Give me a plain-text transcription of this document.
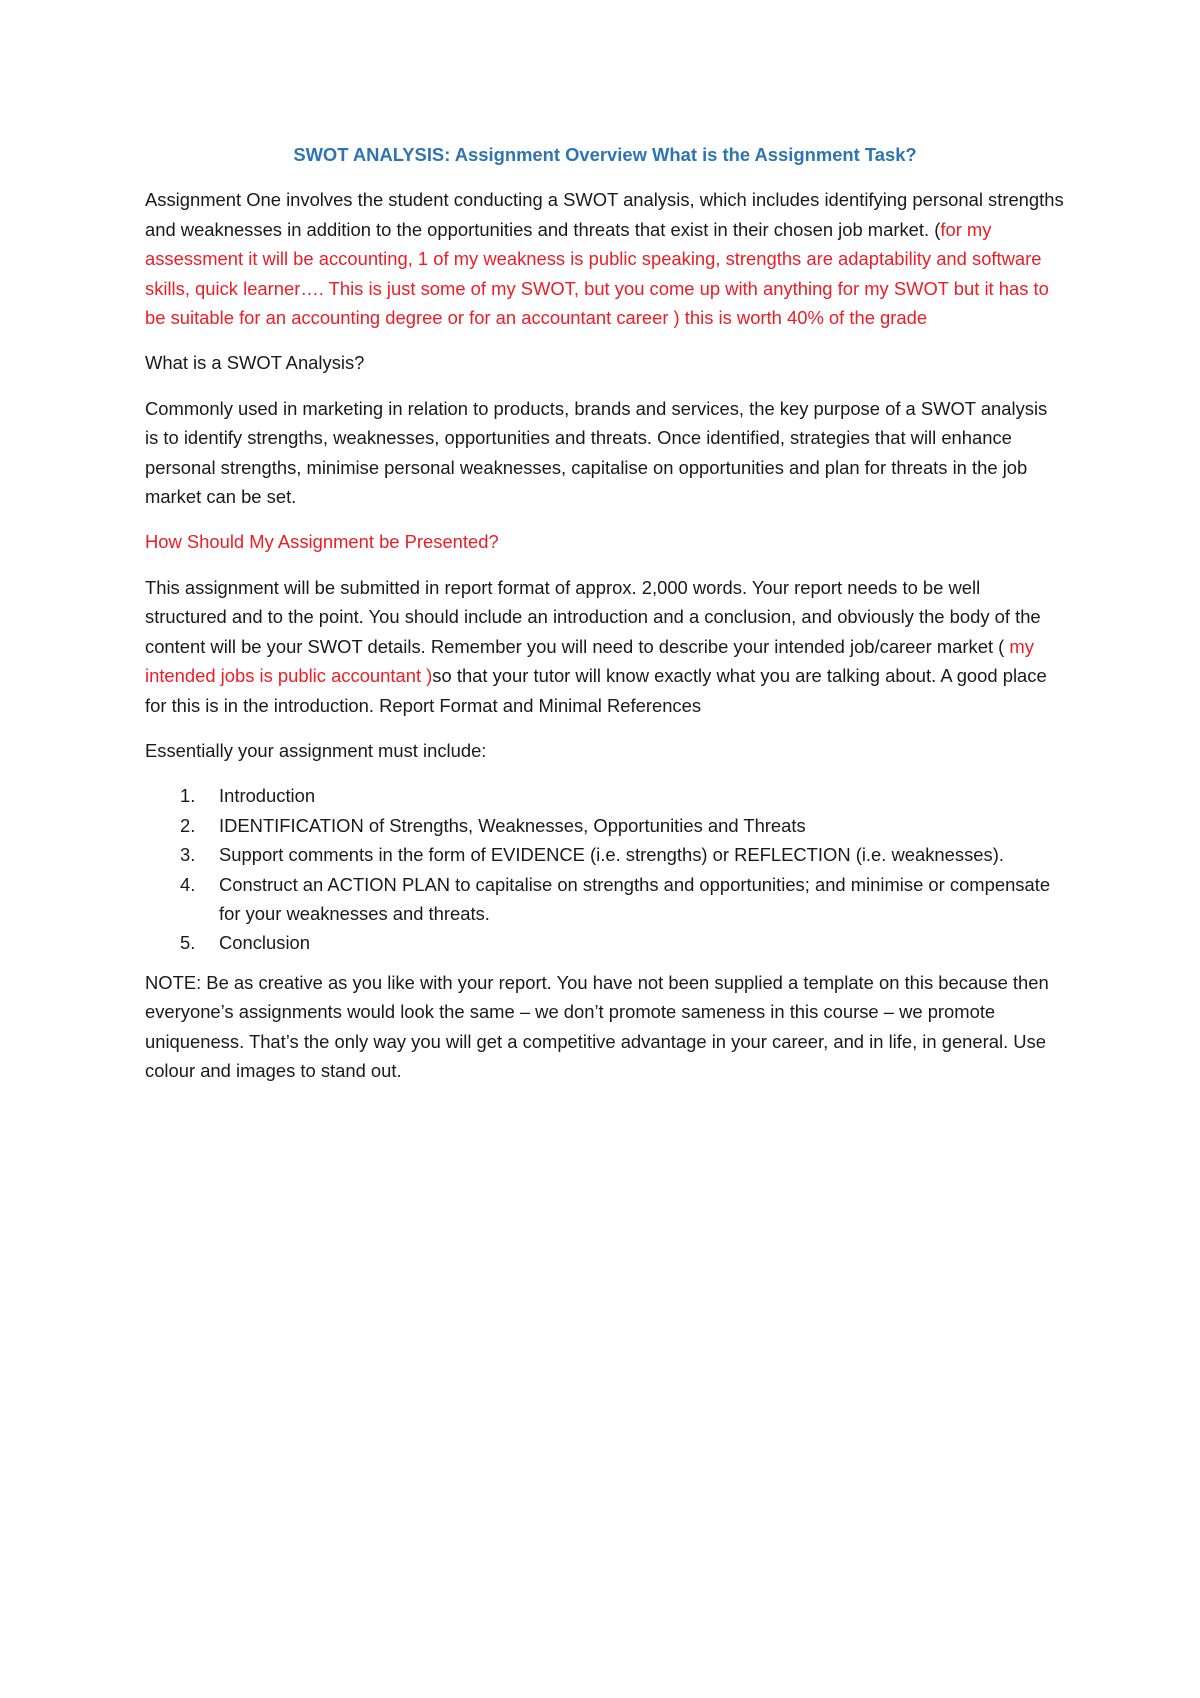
SWOT ANALYSIS: Assignment Overview What is the Assignment Task?

Assignment One involves the student conducting a SWOT analysis, which includes identifying personal strengths and weaknesses in addition to the opportunities and threats that exist in their chosen job market. (for my assessment it will be accounting, 1 of my weakness is public speaking, strengths are adaptability and software skills, quick learner…. This is just some of my SWOT, but you come up with anything for my SWOT but it has to be suitable for an accounting degree or for an accountant career ) this is worth 40% of the grade

What is a SWOT Analysis?

Commonly used in marketing in relation to products, brands and services, the key purpose of a SWOT analysis is to identify strengths, weaknesses, opportunities and threats. Once identified, strategies that will enhance personal strengths, minimise personal weaknesses, capitalise on opportunities and plan for threats in the job market can be set.

How Should My Assignment be Presented?

This assignment will be submitted in report format of approx. 2,000 words. Your report needs to be well structured and to the point. You should include an introduction and a conclusion, and obviously the body of the content will be your SWOT details. Remember you will need to describe your intended job/career market ( my intended jobs is public accountant )so that your tutor will know exactly what you are talking about. A good place for this is in the introduction. Report Format and Minimal References

Essentially your assignment must include:

1. Introduction
2. IDENTIFICATION of Strengths, Weaknesses, Opportunities and Threats
3. Support comments in the form of EVIDENCE (i.e. strengths) or REFLECTION (i.e. weaknesses).
4. Construct an ACTION PLAN to capitalise on strengths and opportunities; and minimise or compensate for your weaknesses and threats.
5. Conclusion

NOTE: Be as creative as you like with your report. You have not been supplied a template on this because then everyone’s assignments would look the same – we don’t promote sameness in this course – we promote uniqueness. That’s the only way you will get a competitive advantage in your career, and in life, in general. Use colour and images to stand out.
